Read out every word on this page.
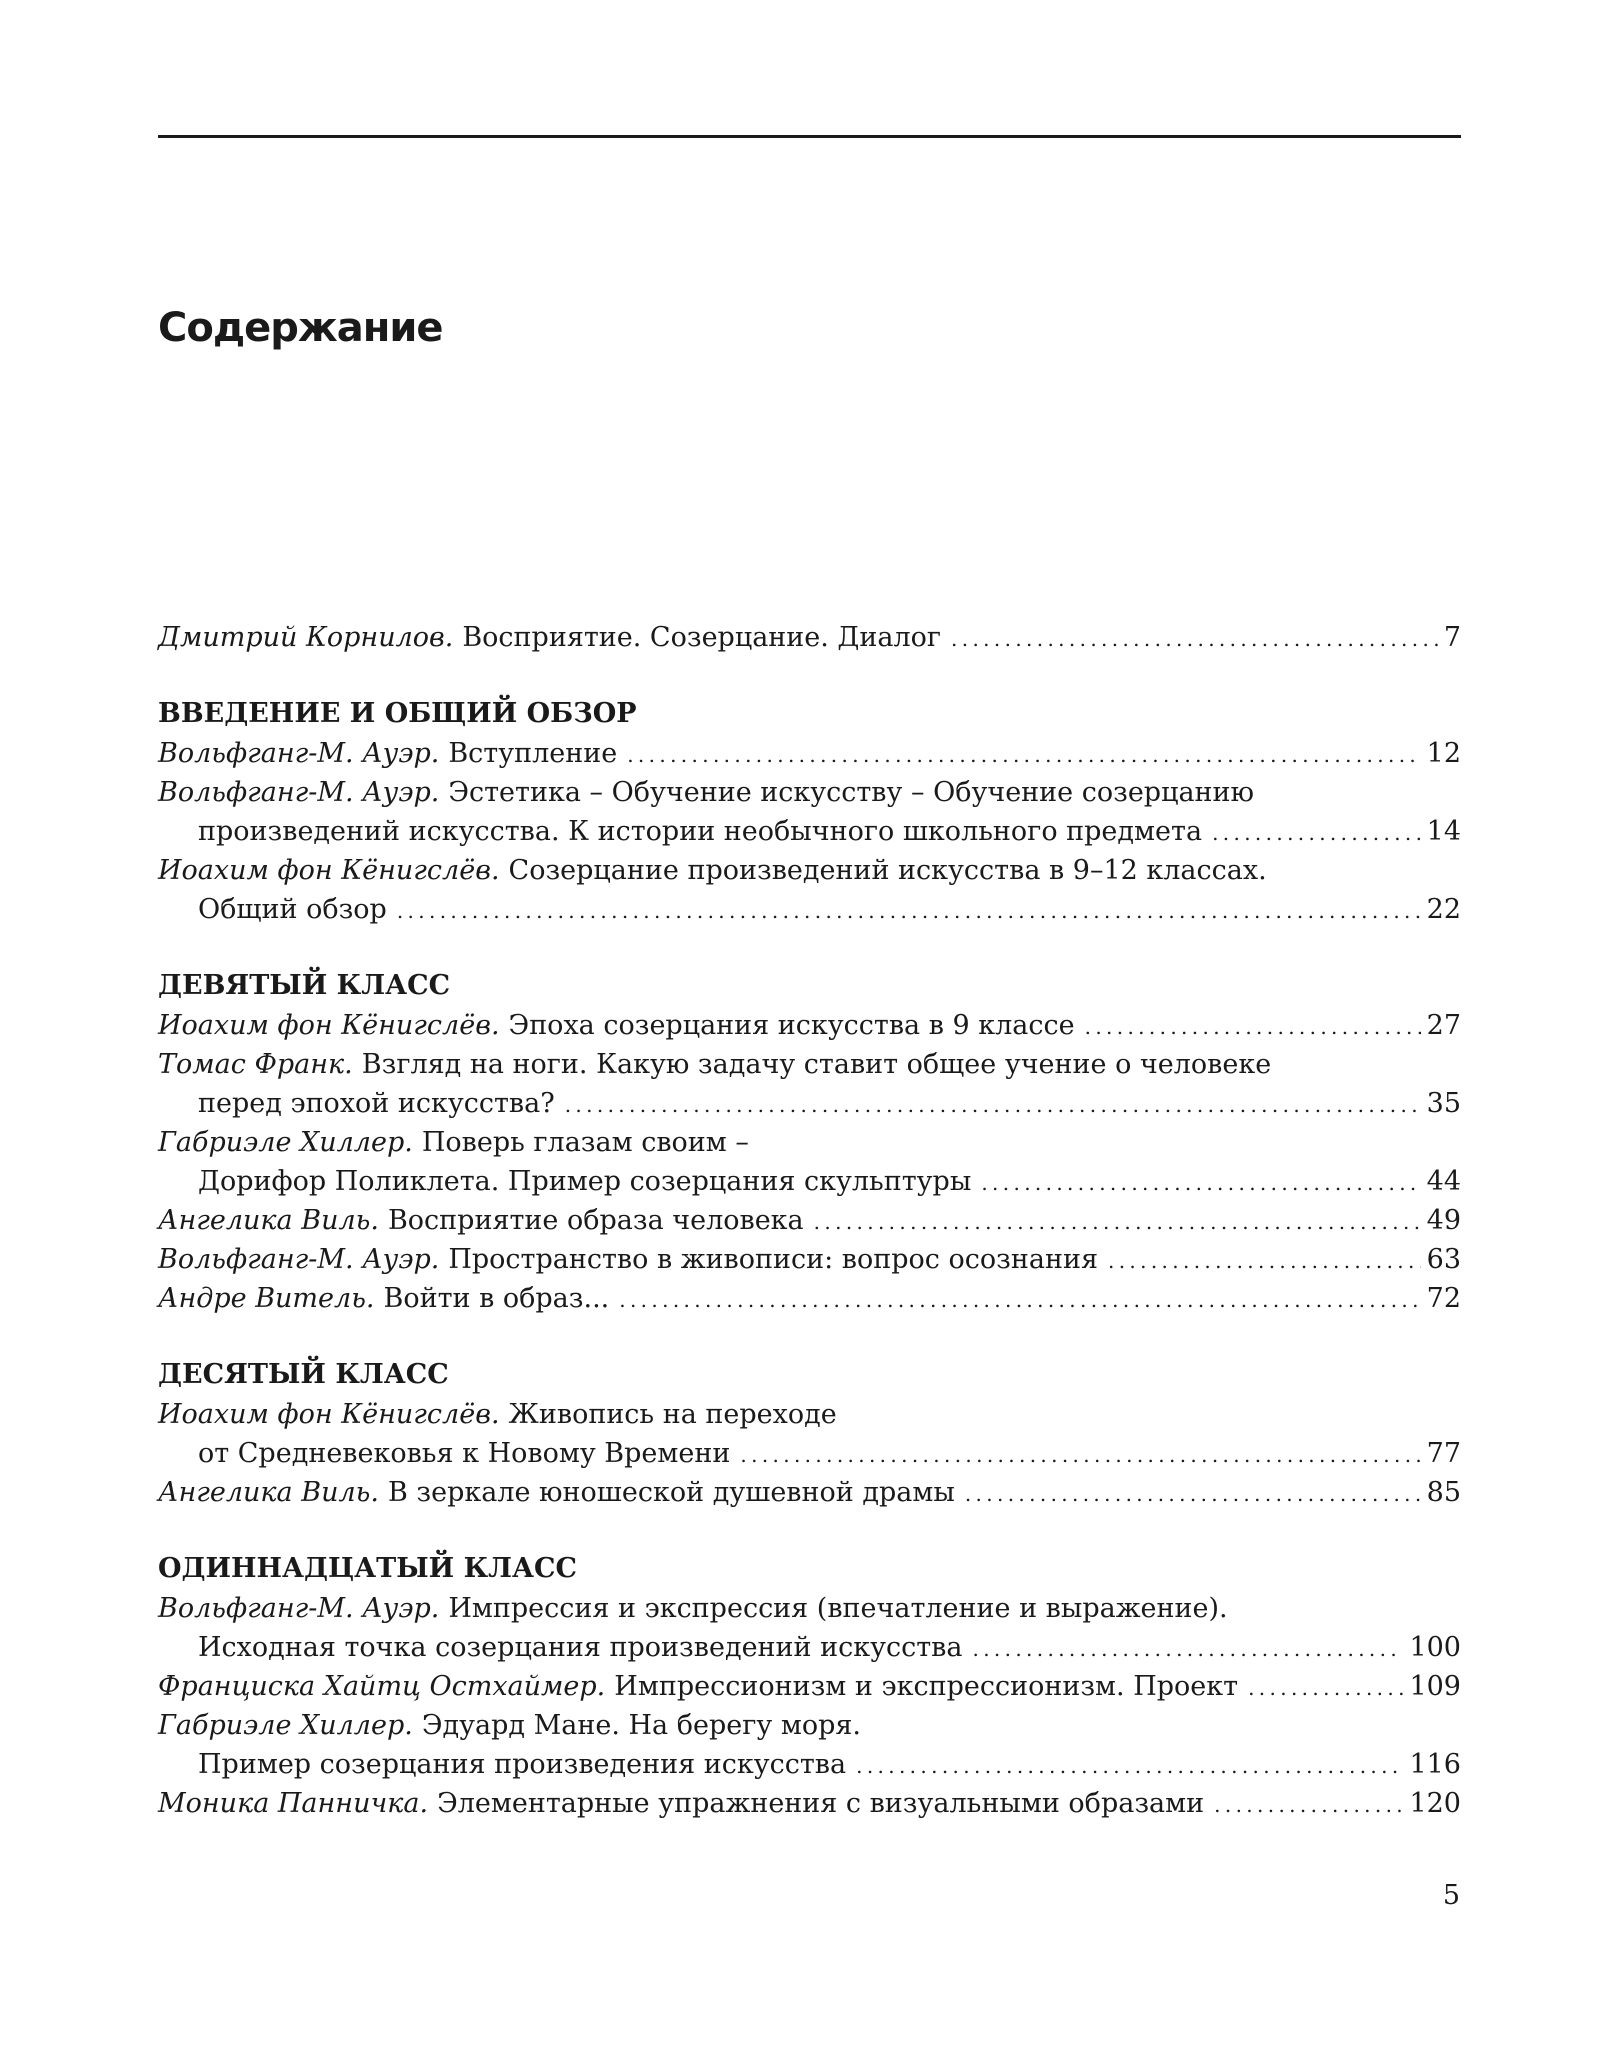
Содержание
Дмитрий Корнилов. Восприятие. Созерцание. Диалог . . .	7
ВВЕДЕНИЕ И ОБЩИЙ ОБЗОР
Вольфганг-М. Ауэр. Вступление . . .	12
Вольфганг-М. Ауэр. Эстетика – Обучение искусству – Обучение созерцанию
произведений искусства. К истории необычного школьного предмета . . .	14
Иоахим фон Кёнигслёв. Созерцание произведений искусства в 9–12 классах.
Общий обзор . . .	22
ДЕВЯТЫЙ КЛАСС
Иоахим фон Кёнигслёв. Эпоха созерцания искусства в 9 классе . . .	27
Томас Франк. Взгляд на ноги. Какую задачу ставит общее учение о человеке
перед эпохой искусства? . . .	35
Габриэле Хиллер. Поверь глазам своим –
Дорифор Поликлета. Пример созерцания скульптуры . . .	44
Ангелика Виль. Восприятие образа человека . . .	49
Вольфганг-М. Ауэр. Пространство в живописи: вопрос осознания . . .	63
Андре Витель. Войти в образ... . . .	72
ДЕСЯТЫЙ КЛАСС
Иоахим фон Кёнигслёв. Живопись на переходе
от Средневековья к Новому Времени . . .	77
Ангелика Виль. В зеркале юношеской душевной драмы . . .	85
ОДИННАДЦАТЫЙ КЛАСС
Вольфганг-М. Ауэр. Импрессия и экспрессия (впечатление и выражение).
Исходная точка созерцания произведений искусства . . .	100
Франциска Хайтц Остхаймер. Импрессионизм и экспрессионизм. Проект . . .	109
Габриэле Хиллер. Эдуард Мане. На берегу моря.
Пример созерцания произведения искусства . . .	116
Моника Панничка. Элементарные упражнения с визуальными образами . . .	120
5
